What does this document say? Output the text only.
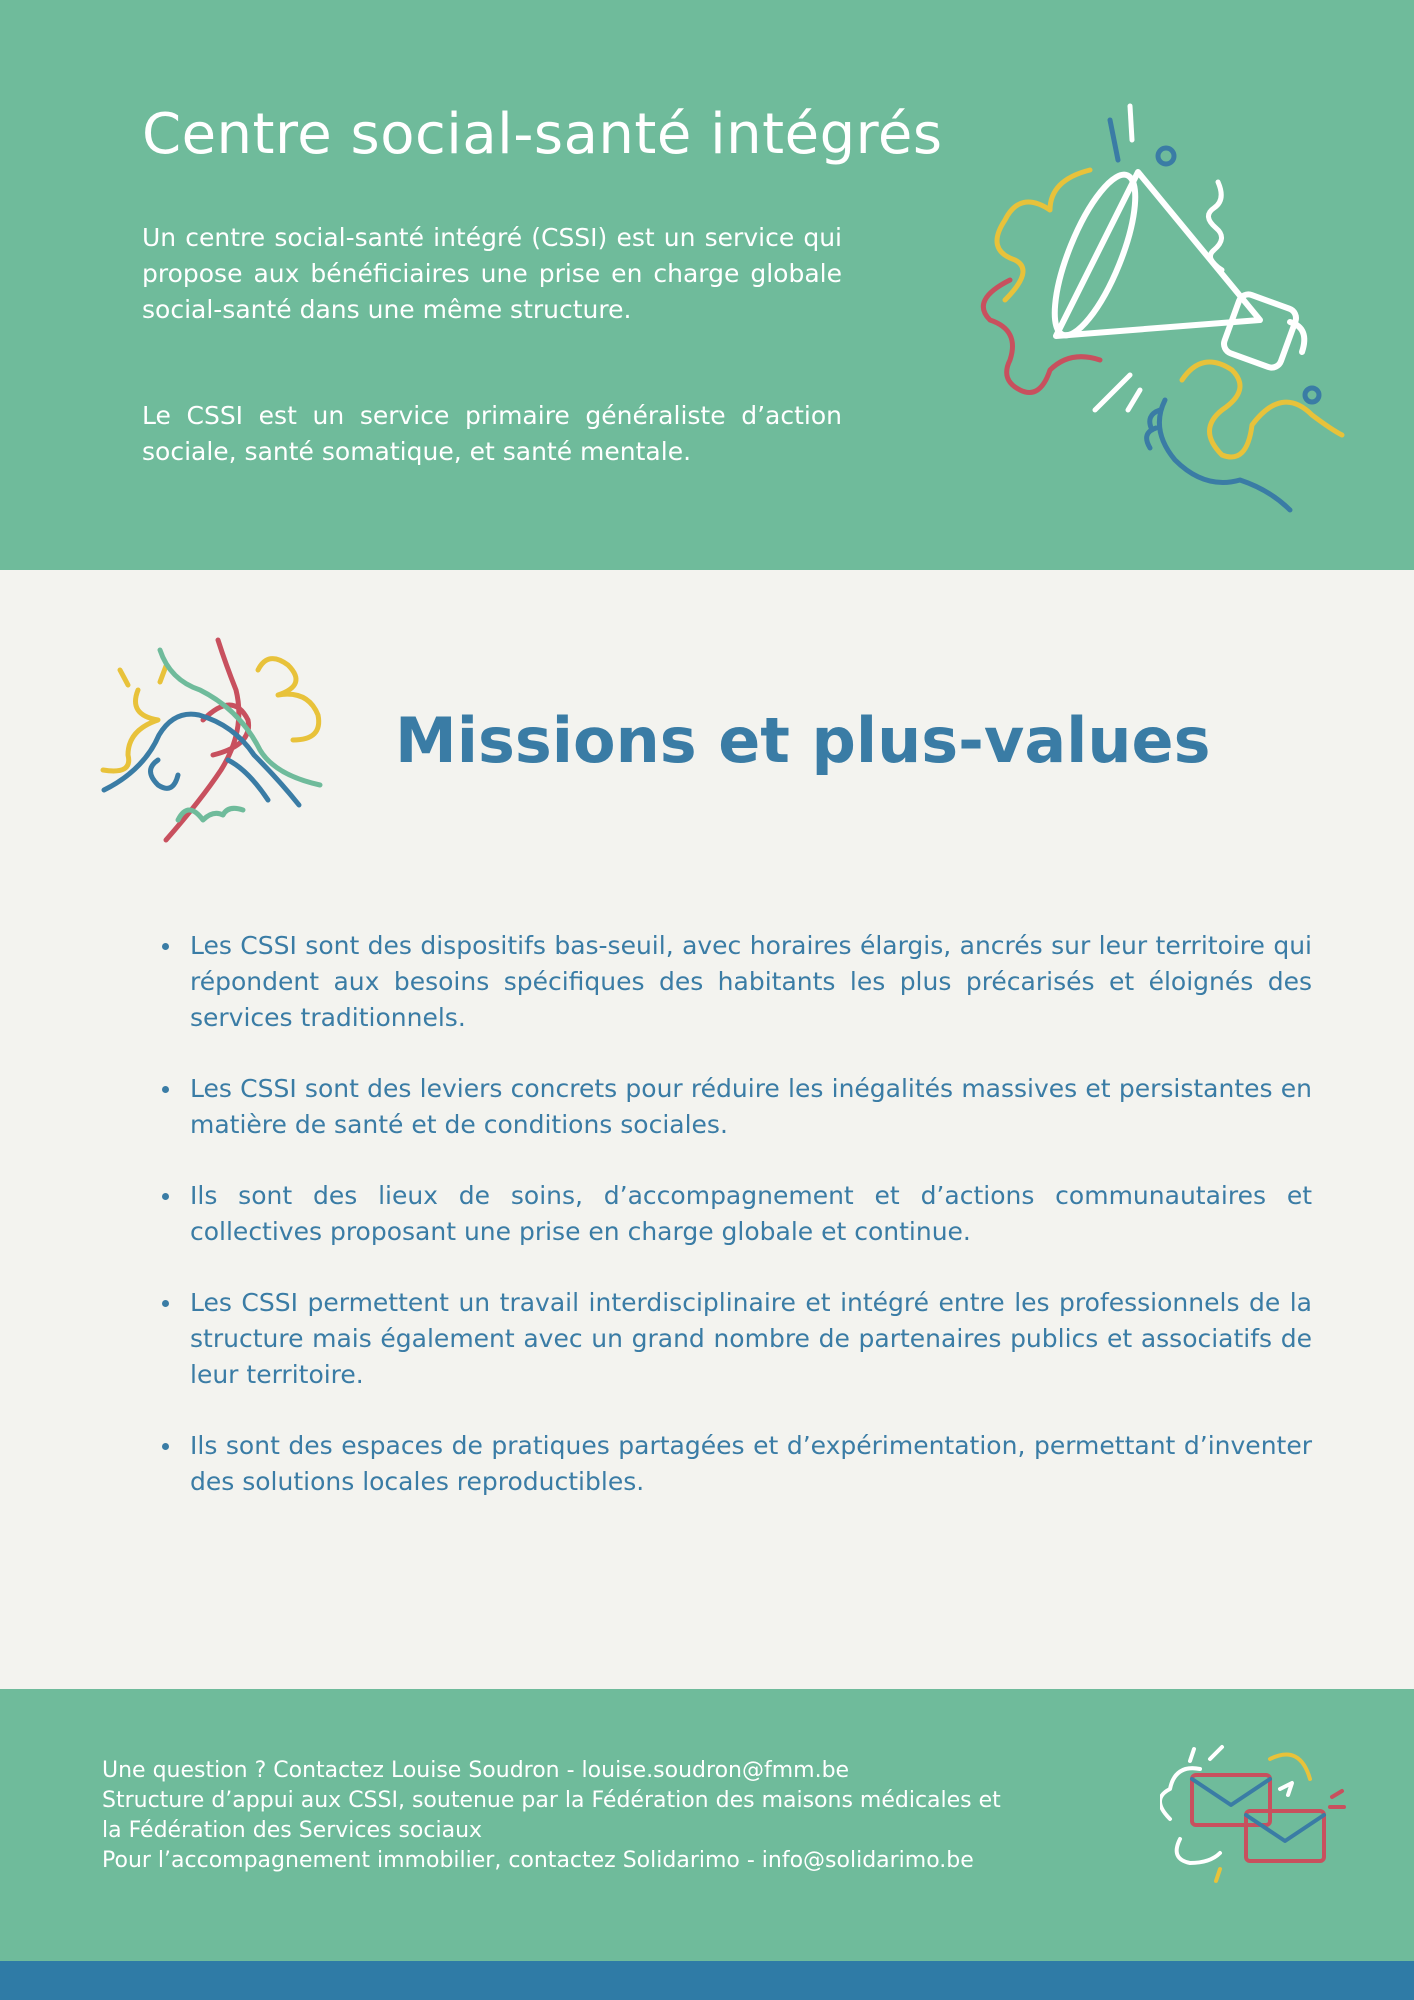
Centre social-santé intégrés

Un centre social-santé intégré (CSSI) est un service qui propose aux bénéficiaires une prise en charge globale social-santé dans une même structure.

Le CSSI est un service primaire généraliste d’action sociale, santé somatique, et santé mentale.

Missions et plus-values
Les CSSI sont des dispositifs bas-seuil, avec horaires élargis, ancrés sur leur territoire qui répondent aux besoins spécifiques des habitants les plus précarisés et éloignés des services traditionnels.
Les CSSI sont des leviers concrets pour réduire les inégalités massives et persistantes en matière de santé et de conditions sociales.
Ils sont des lieux de soins, d’accompagnement et d’actions communautaires et collectives proposant une prise en charge globale et continue.
Les CSSI permettent un travail interdisciplinaire et intégré entre les professionnels de la structure mais également avec un grand nombre de partenaires publics et associatifs de leur territoire.
Ils sont des espaces de pratiques partagées et d’expérimentation, permettant d’inventer des solutions locales reproductibles.
Une question ? Contactez Louise Soudron - louise.soudron@fmm.be
Structure d’appui aux CSSI, soutenue par la Fédération des maisons médicales et
la Fédération des Services sociaux
Pour l’accompagnement immobilier, contactez Solidarimo - info@solidarimo.be
